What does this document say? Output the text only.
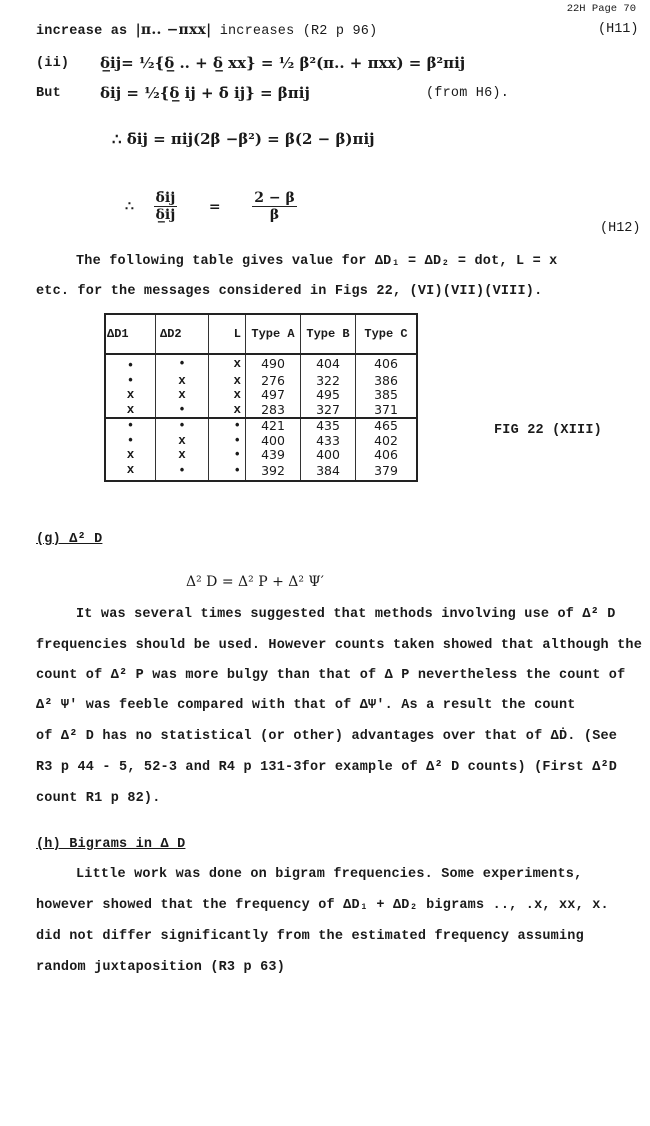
22H Page 70
increase as |π.. −πxx| increases (R2 p 96)	(H11)
(ii) δ̲ij= ½{δ̲ .. + δ̲ xx} = ½ β²(π.. + πxx) = β²πij
But	δij = ½{δ̲ ij + δ̄ ij} = βπij	(from H6).
∴ δ̄ij = πij(2β −β²) = β(2 − β)πij
∴ $\frac{\deltāij}{\delta̲ij} = \frac{2 - \beta}{\beta}$
(H12)
The following table gives value for ΔD₁ = ΔD₂ = dot, L = x
etc. for the messages considered in Figs 22, (VI)(VII)(VIII).
ΔD1	ΔD2	L	Type A	Type B	Type C
•	•	x	490	404	406
•	x	x	276	322	386
x	x	x	497	495	385
x	•	x	283	327	371
•	•	•	421	435	465
•	x	•	400	433	402
x	x	•	439	400	406
x	•	•	392	384	379
FIG 22 (XIII)
(g) Δ² D
Δ² D = Δ² P + Δ² Ψ′
It was several times suggested that methods involving use of Δ² D
frequencies should be used. However counts taken showed that although the
count of Δ² P was more bulgy than that of Δ P nevertheless the count of
Δ² Ψ′ was feeble compared with that of ΔΨ′. As a result the count
of Δ² D has no statistical (or other) advantages over that of ΔḊ. (See
R3 p 44 - 5, 52-3 and R4 p 131-3for example of Δ² D counts) (First Δ²D
count R1 p 82).
(h) Bigrams in Δ D
Little work was done on bigram frequencies. Some experiments,
however showed that the frequency of ΔD₁ + ΔD₂ bigrams .., .x, xx, x.
did not differ significantly from the estimated frequency assuming
random juxtaposition (R3 p 63)
